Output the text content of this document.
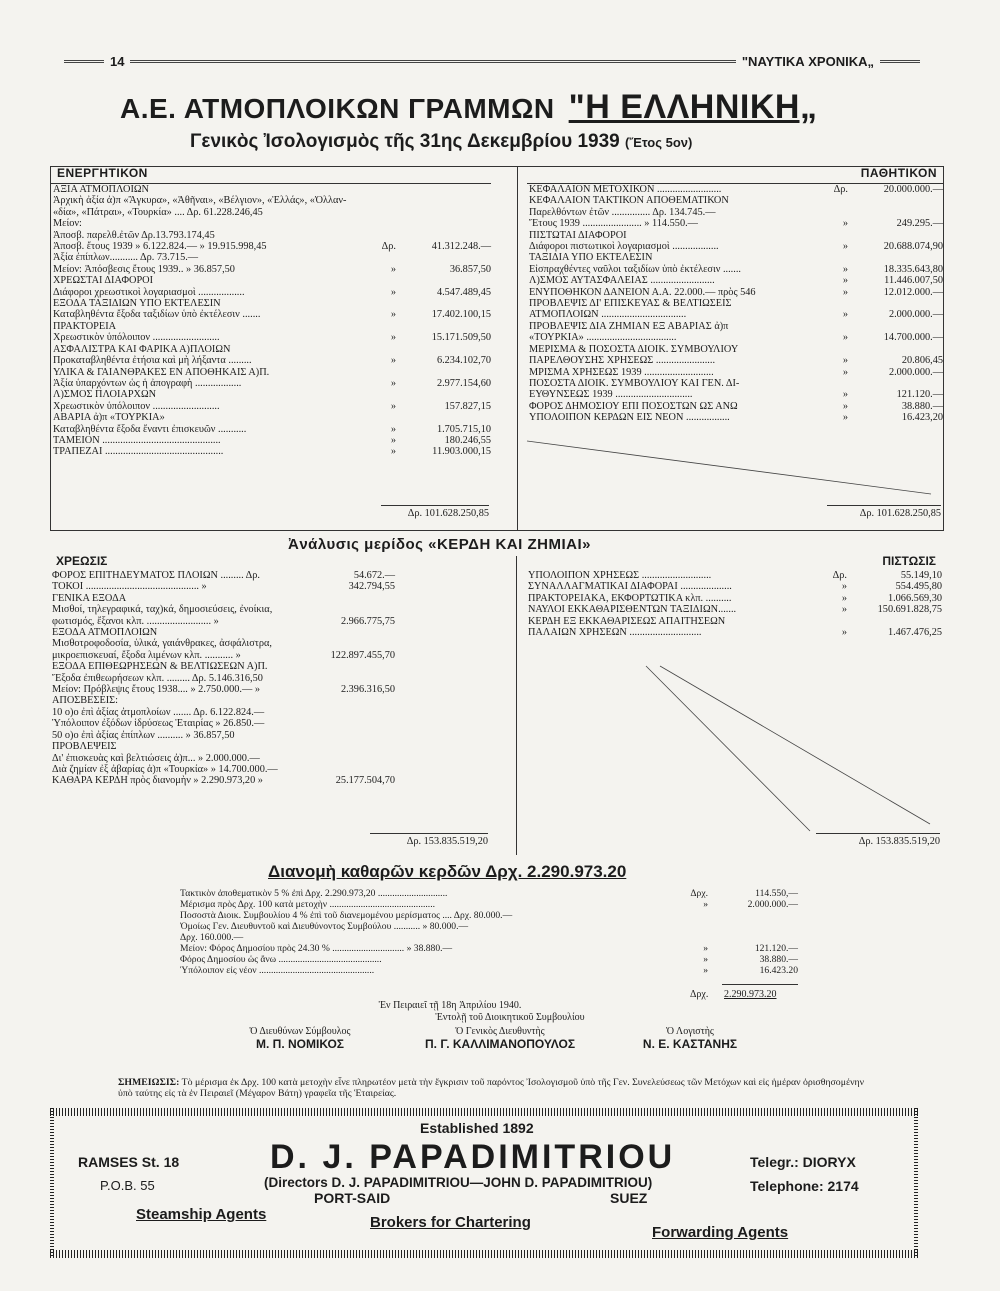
14	"ΝΑΥΤΙΚΑ ΧΡΟΝΙΚΑ„
Α.Ε. ΑΤΜΟΠΛΟΙΚΩΝ ΓΡΑΜΜΩΝ "Η ΕΛΛΗΝΙΚΗ„
Γενικὸς Ἰσολογισμὸς τῆς 31ης Δεκεμβρίου 1939 (Ἔτος 5ον)
ΕΝΕΡΓΗΤΙΚΟΝ
ΑΞΙΑ ΑΤΜΟΠΛΟΙΩΝ
Ἀρχικὴ ἀξία ἀ)π «Ἄγκυρα», «Ἀθῆναι», «Βέλγιον», «Ἑλλάς», «Ὀλλαν-
«δία», «Πάτραι», «Τουρκία» .... Δρ. 61.228.246,45
Μείον:
Ἀποσβ. παρελθ.ἐτῶν Δρ.13.793.174,45
Ἀποσβ. ἔτους 1939 » 6.122.824.— » 19.915.998,45	Δρ.	41.312.248.—
Ἀξία ἐπίπλων........... Δρ. 73.715.—
Μείον: Ἀπόσβεσις ἔτους 1939.. » 36.857,50	»	36.857,50
ΧΡΕΩΣΤΑΙ ΔΙΑΦΟΡΟΙ
Διάφοροι χρεωστικοὶ λογαριασμοὶ ..................	»	4.547.489,45
ΕΞΟΔΑ ΤΑΞΙΔΙΩΝ ΥΠΟ ΕΚΤΕΛΕΣΙΝ
Καταβληθέντα ἔξοδα ταξιδίων ὑπὸ ἐκτέλεσιν .......	»	17.402.100,15
ΠΡΑΚΤΟΡΕΙΑ
Χρεωστικὸν ὑπόλοιπον ..........................	»	15.171.509,50
ΑΣΦΑΛΙΣΤΡΑ ΚΑΙ ΦΑΡΙΚΑ Α)ΠΛΟΙΩΝ
Προκαταβληθέντα ἐτήσια καὶ μὴ λήξαντα .........	»	6.234.102,70
ΥΛΙΚΑ & ΓΑΙΑΝΘΡΑΚΕΣ ΕΝ ΑΠΟΘΗΚΑΙΣ Α)Π.
Ἀξία ὑπαρχόντων ὡς ἡ ἀπογραφὴ ..................	»	2.977.154,60
Λ)ΣΜΟΣ ΠΛΟΙΑΡΧΩΝ
Χρεωστικὸν ὑπόλοιπον ..........................	»	157.827,15
ΑΒΑΡΙΑ ἀ)π «ΤΟΥΡΚΙΑ»
Καταβληθέντα ἔξοδα ἔναντι ἐπισκευῶν ...........	»	1.705.715,10
ΤΑΜΕΙΟΝ ..............................................	»	180.246,55
ΤΡΑΠΕΖΑΙ ..............................................	»	11.903.000,15
Δρ. 101.628.250,85
ΠΑΘΗΤΙΚΟΝ
ΚΕΦΑΛΑΙΟΝ ΜΕΤΟΧΙΚΟΝ .........................	Δρ.	20.000.000.—
ΚΕΦΑΛΑΙΟΝ ΤΑΚΤΙΚΟΝ ΑΠΟΘΕΜΑΤΙΚΟΝ
Παρελθόντων ἐτῶν ............... Δρ. 134.745.—
Ἔτους 1939 ....................... » 114.550.—	»	249.295.—
ΠΙΣΤΩΤΑΙ ΔΙΑΦΟΡΟΙ
Διάφοροι πιστωτικοὶ λογαριασμοὶ ..................	»	20.688.074,90
ΤΑΞΙΔΙΑ ΥΠΟ ΕΚΤΕΛΕΣΙΝ
Εἰσπραχθέντες ναῦλοι ταξιδίων ὑπὸ ἐκτέλεσιν .......	»	18.335.643,80
Λ)ΣΜΟΣ ΑΥΤΑΣΦΑΛΕΙΑΣ .........................	»	11.446.007,50
ΕΝΥΠΟΘΗΚΟΝ ΔΑΝΕΙΟΝ Α.Α. 22.000.— πρὸς 546	»	12.012.000.—
ΠΡΟΒΛΕΨΙΣ ΔΙ' ΕΠΙΣΚΕΥΑΣ & ΒΕΛΤΙΩΣΕΙΣ
ΑΤΜΟΠΛΟΙΩΝ .................................	»	2.000.000.—
ΠΡΟΒΛΕΨΙΣ ΔΙΑ ΖΗΜΙΑΝ ΕΞ ΑΒΑΡΙΑΣ ἀ)π
«ΤΟΥΡΚΙΑ» ...................................	»	14.700.000.—
ΜΕΡΙΣΜΑ & ΠΟΣΟΣΤΑ ΔΙΟΙΚ. ΣΥΜΒΟΥΛΙΟΥ
ΠΑΡΕΛΘΟΥΣΗΣ ΧΡΗΣΕΩΣ .......................	»	20.806,45
ΜΡΙΣΜΑ ΧΡΗΣΕΩΣ 1939 ...........................	»	2.000.000.—
ΠΟΣΟΣΤΑ ΔΙΟΙΚ. ΣΥΜΒΟΥΛΙΟΥ ΚΑΙ ΓΕΝ. ΔΙ-
ΕΥΘΥΝΣΕΩΣ 1939 ..............................	»	121.120.—
ΦΟΡΟΣ ΔΗΜΟΣΙΟΥ ΕΠΙ ΠΟΣΟΣΤΩΝ ΩΣ ΑΝΩ	»	38.880.—
ΥΠΟΛΟΙΠΟΝ ΚΕΡΔΩΝ ΕΙΣ ΝΕΟΝ .................	»	16.423,20
Δρ. 101.628.250,85
Ἀνάλυσις μερίδος «ΚΕΡΔΗ ΚΑΙ ΖΗΜΙΑΙ»
ΧΡΕΩΣΙΣ
ΦΟΡΟΣ ΕΠΙΤΗΔΕΥΜΑΤΟΣ ΠΛΟΙΩΝ ......... Δρ.	54.672.—
ΤΟΚΟΙ ............................................ »	342.794,55
ΓΕΝΙΚΑ ΕΞΟΔΑ
Μισθοί, τηλεγραφικά, ταχ)κά, δημοσιεύσεις, ἐνοίκια,
φωτισμός, ἔξανοι κλπ. ......................... »	2.966.775,75
ΕΞΟΔΑ ΑΤΜΟΠΛΟΙΩΝ
Μισθοτροφοδοσία, ὑλικά, γαιάνθρακες, ἀσφάλιστρα,
μικροεπισκευαί, ἔξοδα λιμένων κλπ. ........... »	122.897.455,70
ΕΞΟΔΑ ΕΠΙΘΕΩΡΗΣΕΩΝ & ΒΕΛΤΙΩΣΕΩΝ Α)Π.
Ἔξοδα ἐπιθεωρήσεων κλπ. ......... Δρ. 5.146.316,50
Μείον: Πρόβλεψις ἔτους 1938.... » 2.750.000.— »	2.396.316,50
ΑΠΟΣΒΕΣΕΙΣ:
10 ο)ο ἐπὶ ἀξίας ἀτμοπλοίων ....... Δρ. 6.122.824.—
Ὑπόλοιπον ἐξόδων ἱδρύσεως Ἑταιρίας » 26.850.—
50 ο)ο ἐπὶ ἀξίας ἐπίπλων .......... » 36.857,50
ΠΡΟΒΛΕΨΕΙΣ
Δι' ἐπισκευὰς καὶ βελτιώσεις ἀ)π... » 2.000.000.—
Διὰ ζημίαν ἐξ ἀβαρίας ἀ)π «Τουρκία» » 14.700.000.—
ΚΑΘΑΡΑ ΚΕΡΔΗ πρὸς διανομὴν » 2.290.973,20 »	25.177.504,70
Δρ. 153.835.519,20
ΠΙΣΤΩΣΙΣ
ΥΠΟΛΟΙΠΟΝ ΧΡΗΣΕΩΣ ...........................	Δρ.	55.149,10
ΣΥΝΑΛΛΑΓΜΑΤΙΚΑΙ ΔΙΑΦΟΡΑΙ ....................	»	554.495,80
ΠΡΑΚΤΟΡΕΙΑΚΑ, ΕΚΦΟΡΤΩΤΙΚΑ κλπ. ..........	»	1.066.569,30
ΝΑΥΛΟΙ ΕΚΚΑΘΑΡΙΣΘΕΝΤΩΝ ΤΑΞΙΔΙΩΝ.......	»	150.691.828,75
ΚΕΡΔΗ ΕΞ ΕΚΚΑΘΑΡΙΣΕΩΣ ΑΠΑΙΤΗΣΕΩΝ
ΠΑΛΑΙΩΝ ΧΡΗΣΕΩΝ ............................	»	1.467.476,25
Δρ. 153.835.519,20
Διανομὴ καθαρῶν κερδῶν Δρχ. 2.290.973.20
Τακτικὸν ἀποθεματικὸν 5 % ἐπὶ Δρχ. 2.290.973,20 .............................	Δρχ.	114.550,—
Μέρισμα πρὸς Δρχ. 100 κατὰ μετοχὴν ............................................	»	2.000.000.—
Ποσοστὰ Διοικ. Συμβουλίου 4 % ἐπὶ τοῦ διανεμομένου μερίσματος .... Δρχ. 80.000.—
Ὁμοίως Γεν. Διευθυντοῦ καὶ Διευθύνοντος Συμβούλου ........... » 80.000.—
Δρχ. 160.000.—
Μείον: Φόρος Δημοσίου πρὸς 24.30 % .............................. » 38.880.—	»	121.120.—
Φόρος Δημοσίου ὡς ἄνω ...........................................	»	38.880.—
Ὑπόλοιπον εἰς νέον ................................................	»	16.423.20
Δρχ. 2.290.973.20
Ἐν Πειραιεῖ τῇ 18η Ἀπριλίου 1940.
Ἐντολῇ τοῦ Διοικητικοῦ Συμβουλίου
Ὁ Διευθύνων Σύμβουλος
Μ. Π. ΝΟΜΙΚΟΣ
Ὁ Γενικὸς Διευθυντὴς
Π. Γ. ΚΑΛΛΙΜΑΝΟΠΟΥΛΟΣ
Ὁ Λογιστὴς
Ν. Ε. ΚΑΣΤΑΝΗΣ
ΣΗΜΕΙΩΣΙΣ: Τὸ μέρισμα ἐκ Δρχ. 100 κατὰ μετοχὴν εἶνε πληρωτέον μετὰ τὴν ἔγκρισιν τοῦ παρόντος Ἰσολογισμοῦ ὑπὸ τῆς Γεν. Συνελεύσεως τῶν Μετόχων καὶ εἰς ἡμέραν ὁρισθησομένην ὑπὸ ταύτης εἰς τὰ ἐν Πειραιεῖ (Μέγαρον Βάτη) γραφεῖα τῆς Ἑταιρείας.
Established 1892
D. J. PAPADIMITRIOU
(Directors D. J. PAPADIMITRIOU—JOHN D. PAPADIMITRIOU)
RAMSES St. 18
P.O.B. 55
PORT-SAID	SUEZ
Telegr.: DIORYX
Telephone: 2174
Steamship Agents	Brokers for Chartering
Forwarding Agents
